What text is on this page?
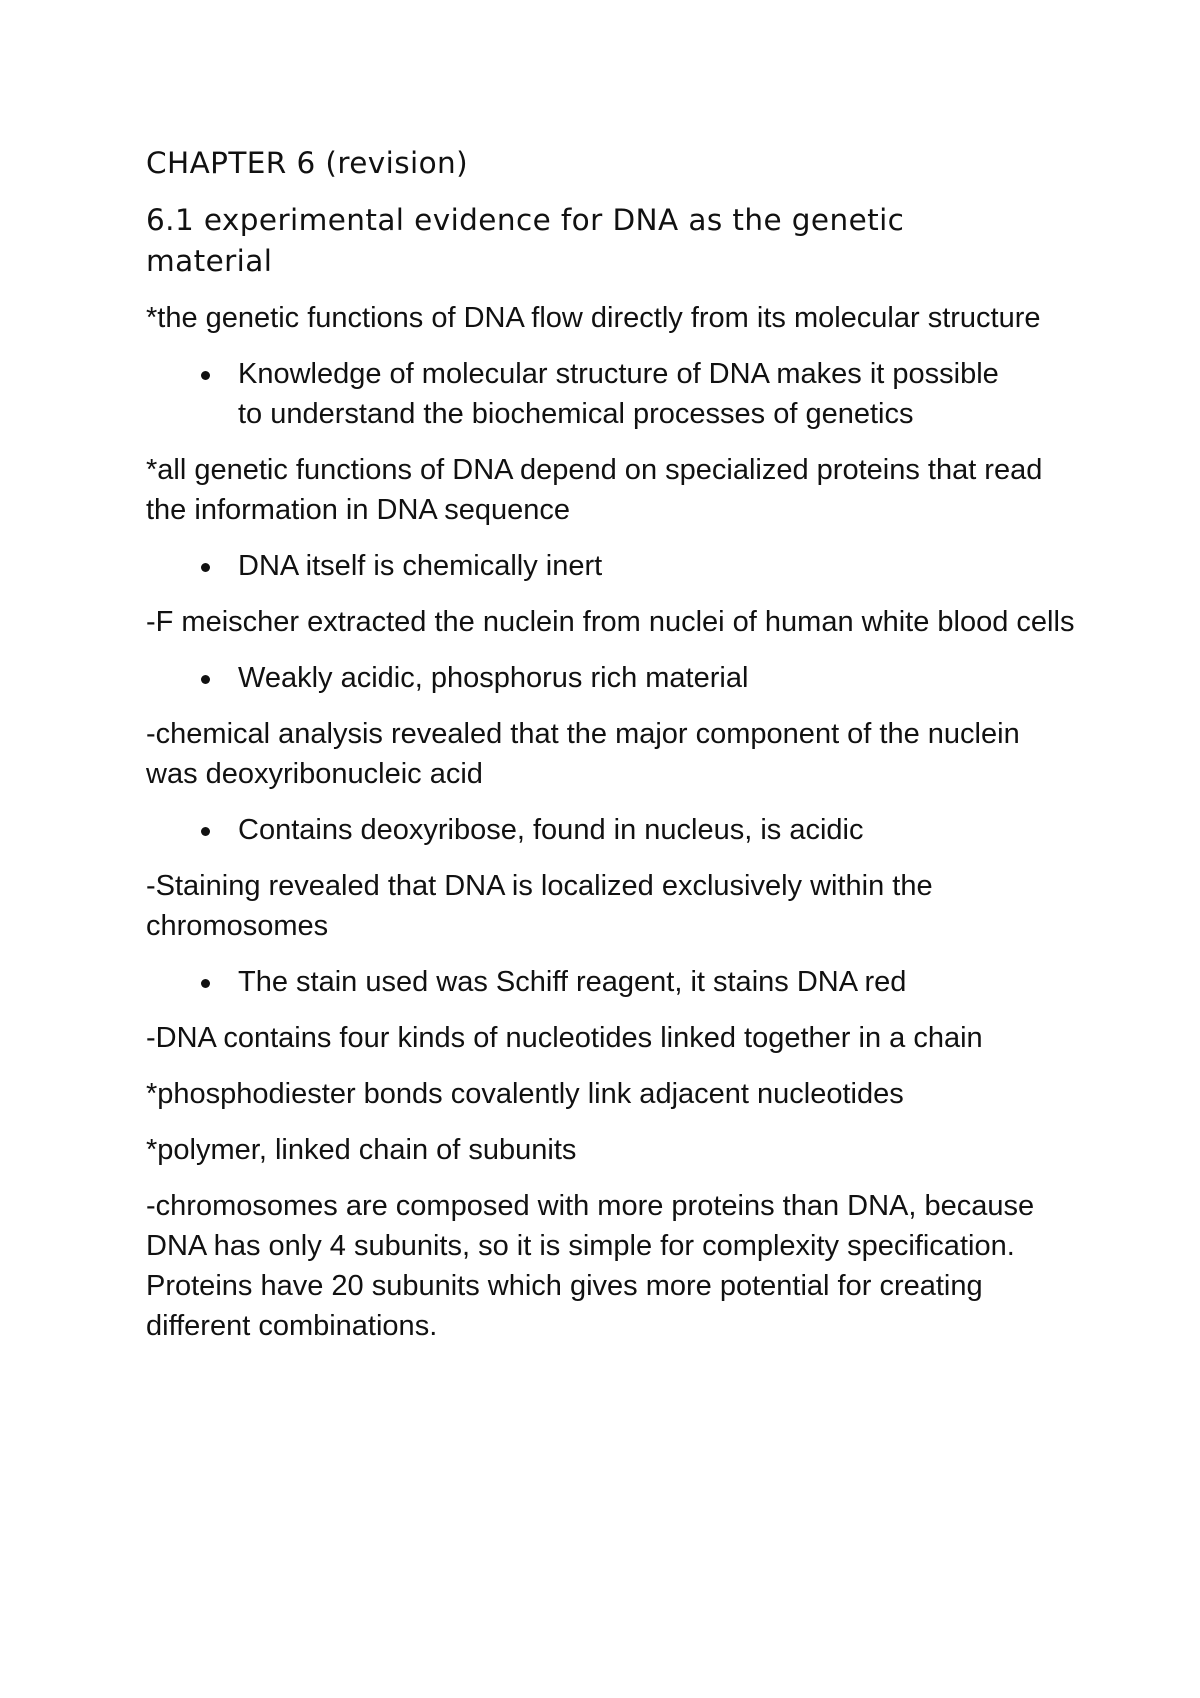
CHAPTER 6 (revision)
6.1 experimental evidence for DNA as the genetic material
*the genetic functions of DNA flow directly from its molecular structure
Knowledge of molecular structure of DNA makes it possible to understand the biochemical processes of genetics
*all genetic functions of DNA depend on specialized proteins that read the information in DNA sequence
DNA itself is chemically inert
-F meischer extracted the nuclein from nuclei of human white blood cells
Weakly acidic, phosphorus rich material
-chemical analysis revealed that the major component of the nuclein was deoxyribonucleic acid
Contains deoxyribose, found in nucleus, is acidic
-Staining revealed that DNA is localized exclusively within the chromosomes
The stain used was Schiff reagent, it stains DNA red
-DNA contains four kinds of nucleotides linked together in a chain
*phosphodiester bonds covalently link adjacent nucleotides
*polymer, linked chain of subunits
-chromosomes are composed with more proteins than DNA, because DNA has only 4 subunits, so it is simple for complexity specification. Proteins have 20 subunits which gives more potential for creating different combinations.
